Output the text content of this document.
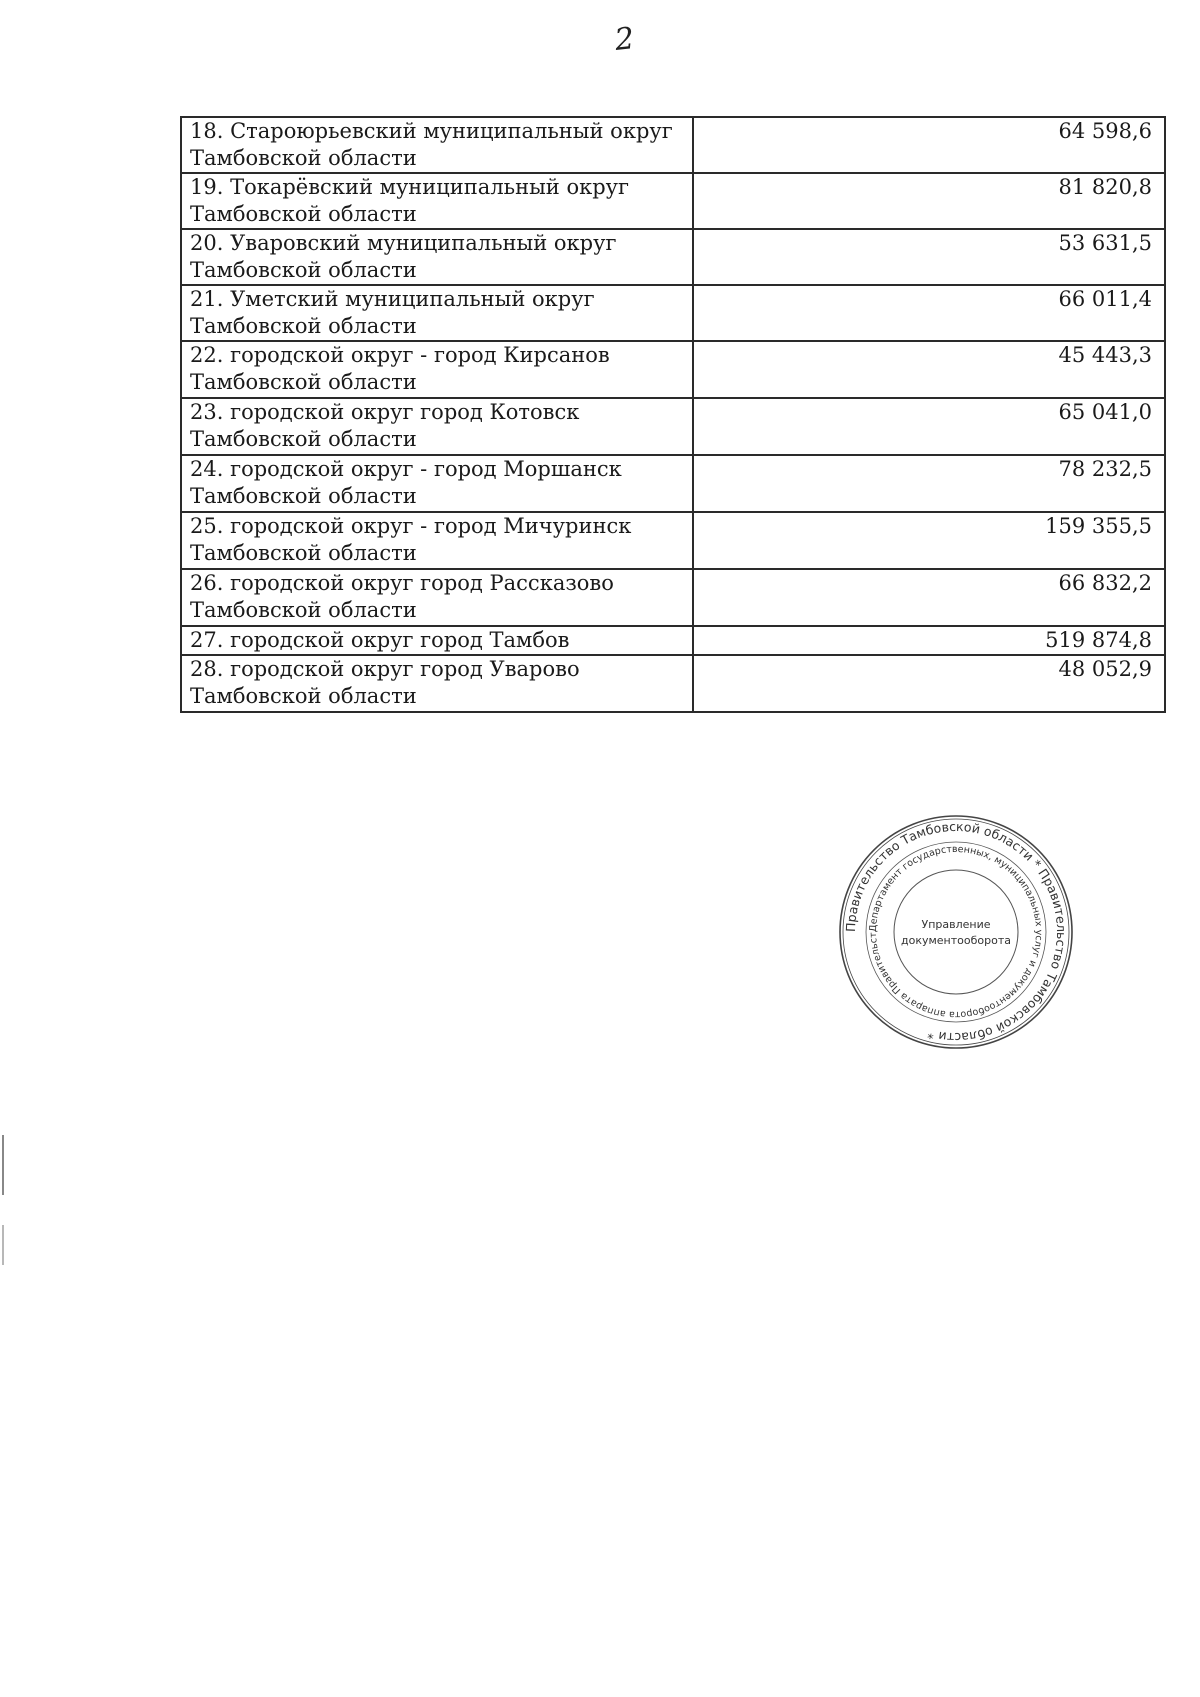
2
18. Староюрьевский муниципальный округ Тамбовской области	64 598,6
19. Токарёвский муниципальный округ Тамбовской области	81 820,8
20. Уваровский муниципальный округ Тамбовской области	53 631,5
21. Уметский муниципальный округ Тамбовской области	66 011,4
22. городской округ - город Кирсанов Тамбовской области	45 443,3
23. городской округ город Котовск Тамбовской области	65 041,0
24. городской округ - город Моршанск Тамбовской области	78 232,5
25. городской округ - город Мичуринск Тамбовской области	159 355,5
26. городской округ город Рассказово Тамбовской области	66 832,2
27. городской округ город Тамбов	519 874,8
28. городской округ город Уварово Тамбовской области	48 052,9
Правительство Тамбовской области * Правительство Тамбовской области *
Департамент государственных, муниципальных услуг и документооборота аппарата Правительст
Управление
документооборота
